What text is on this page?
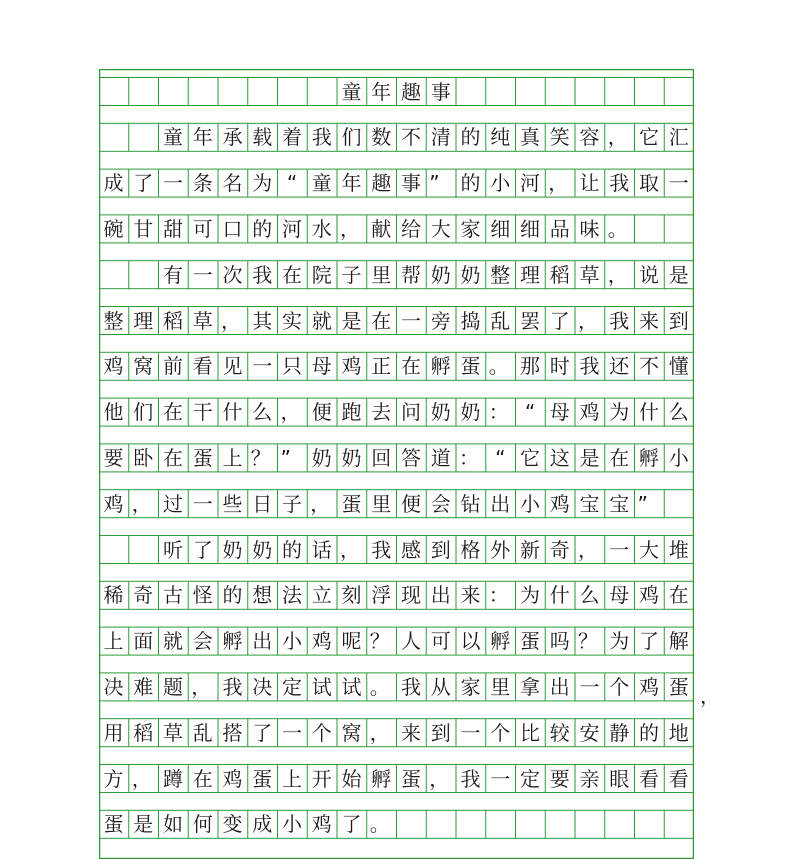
童 年 趣 事
童 年 承 载 着 我 们 数 不 清 的 纯 真 笑 容 ， 它 汇
成 了 一 条 名 为 “ 童 年 趣 事 ”	的 小 河 ， 让 我 取 一
碗 甘 甜 可 口 的 河 水 ， 献 给 大 家 细 细 品 味 。
有 一 次 我 在 院 子 里 帮 奶 奶 整 理 稻 草 ， 说 是
整 理 稻 草 ， 其 实 就 是 在 一 旁 捣 乱 罢 了 ， 我 来 到
鸡 窝 前 看 见 一 只 母 鸡 正 在 孵 蛋 。 那 时 我 还 不 懂
他 们 在 干 什 么 ， 便 跑 去 问 奶 奶 ： “ 母 鸡 为 什 么
要 卧 在 蛋 上 ？ ”	奶 奶 回 答 道 ： “ 它 这 是 在 孵 小
鸡 ， 过 一 些 日 子 ， 蛋 里 便 会 钻 出 小 鸡 宝 宝 ”
听 了 奶 奶 的 话 ， 我 感 到 格 外 新 奇 ， 一 大 堆
稀 奇 古 怪 的 想 法 立 刻 浮 现 出 来 ： 为 什 么 母 鸡 在
上 面 就 会 孵 出 小 鸡 呢 ？ 人 可 以 孵 蛋 吗 ？ 为 了 解
决 难 题 ， 我 决 定 试 试 。 我 从 家 里 拿 出 一 个 鸡 蛋
用 稻 草 乱 搭 了 一 个 窝 ， 来 到 一 个 比 较 安 静 的 地
方 ， 蹲 在 鸡 蛋 上 开 始 孵 蛋 ， 我 一 定 要 亲 眼 看 看
蛋 是 如 何 变 成 小 鸡 了 。
，
